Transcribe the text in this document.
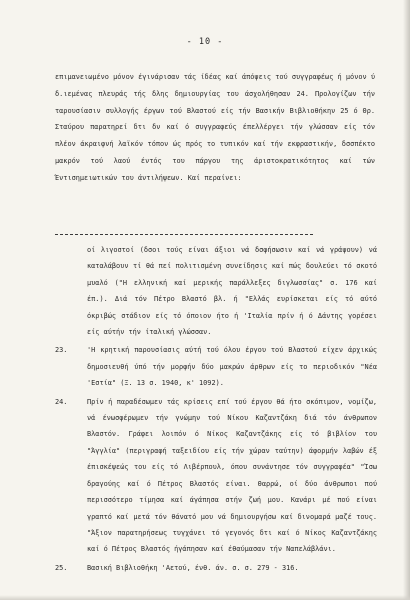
- 10 -

επιμανειωμένο μόνον έγινάρισαν τάς ίδέας καί άπόψεις τού συγγραφέως ή μόνον ύ δ.ιεμένας πλευράς τής δλης δημιουργίας του άσχολήθησαν 24. Προλογίζων τήν ταρουσίασιν συλλογής έργων τού Βλαστού είς τήν Βασικήν Βιβλιοθήκην 25 ό Θρ. Σταύρου παρατηρεί δτι δν καί ό συγγραφεύς έπελλέργει τήν γλώσσαν είς τόν πλέον άκραιφνή λαϊκόν τόπον ώς πρός το τυπικόν καί τήν εκφραστικήν, δσσπέκτο μακρόν τού λαού έντός του πάργου της άριστοκρατικότητος καί τών Έντισημειωτικών του άντιλήψεων. Καί περαίνει:

οί λιγοστοί (δσοι τούς είναι άξιοι νά δσφήσωσιν καί νά γράψουν) νά καταλάβουν τί θά πεί πολιτισμένη συνείδησις καί πώς δουλεύει τό σκοτό μυαλό ("Η ελληνική καί μερικής παράλλεξες διγλωσσίας" σ. 176 καί έπ.). Διά τόν Πέτρο Βλαστό βλ. ή "Ελλάς ευρίσκεται είς τό αύτό όκριβώς στάδιον είς τό όποιον ήτο ή 'Ιταλία πρίν ή ό Δάντης γορέσει είς αύτήν τήν ίταλική γλώσσαν.
23.	'Η κρητική παρουσίασις αύτή τού όλου έργου τού Βλαστού είχεν άρχικώς δημοσιευθή ύπό τήν μορφήν δύο μακρών άρθρων είς το περιοδικόν "Νέα 'Εστία" (Ξ. 13 σ. 1940, κ' 1092).
24.	Πρίν ή παραδέσωμεν τάς κρίσεις επί τού έργου θά ήτο σκόπιμον, νομίζω, νά ένωσφέρωμεν τήν γνώμην τού Νίκου Καζαντζάκη διά τόν άνθρωπον Βλαστόν. Γράφει λοιπόν ό Νίκος Καζαντζάκης είς τό βιβλίον του "Άγγλία" (περιγραφή ταξειδίου είς τήν χώραν ταύτην) άφορμήν λαβών έξ έπισκέψεώς του είς τό Λιβέρπουλ, όπου συνάντησε τόν συγγραφέα" "Ίσω δραγούης καί ό Πέτρος Βλαστός είναι. Θαρρώ, οί δύο άνθρωποι πού περισσότερο τίμησα καί άγάπησα στήν ζωή μου. Κανάρι μέ πού είναι γραπτό καί μετά τόν θάνατό μου νά δημιουργήσω καί δινομαρά μαζέ τους. "Άξιον παρατηρήσεως τυγχάνει τό γεγονός δτι καί ό Νίκος Καζαντζάκης καί ό Πέτρος Βλαστός ήγάπησαν καί έθαύμασαν τήν Ναπελάβλάνι.
25.	Βασική Βιβλιοθήκη 'Αετού, ένθ. άν. σ. σ. 279 - 316.
